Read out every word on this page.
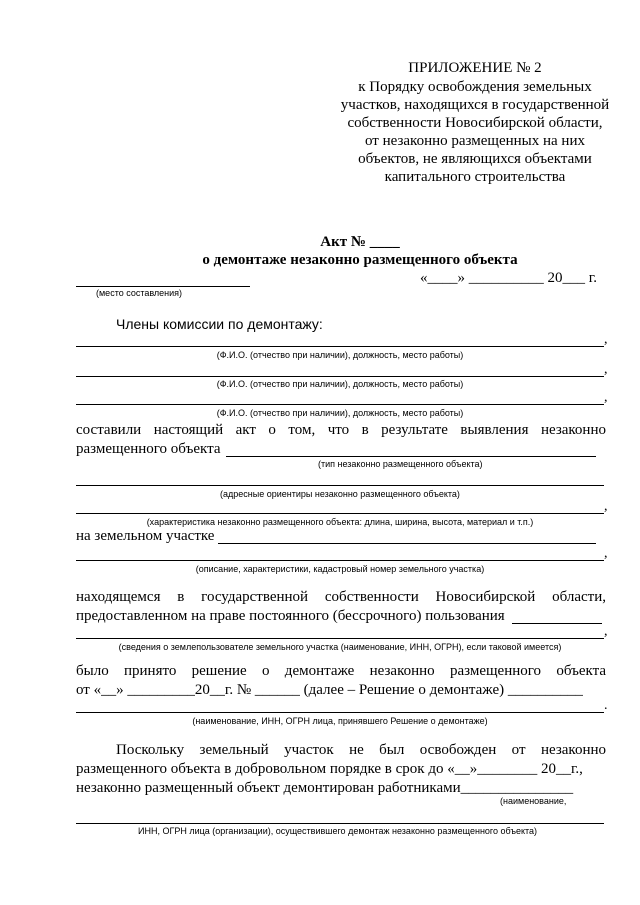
ПРИЛОЖЕНИЕ № 2
к Порядку освобождения земельных
участков, находящихся в государственной
собственности Новосибирской области,
от незаконно размещенных на них
объектов, не являющихся объектами
капитального строительства
Акт № ____
о демонтаже незаконно размещенного объекта
(место составления)
«____» __________ 20___ г.
Члены комиссии по демонтажу:
,
(Ф.И.О. (отчество при наличии), должность, место работы)
,
(Ф.И.О. (отчество при наличии), должность, место работы)
,
(Ф.И.О. (отчество при наличии), должность, место работы)
составили настоящий акт о том, что в результате выявления незаконно
размещенного объекта
(тип незаконно размещенного объекта)
(адресные ориентиры незаконно размещенного объекта)
,
(характеристика незаконно размещенного объекта: длина, ширина, высота, материал и т.п.)
на земельном участке
,
(описание, характеристики, кадастровый номер земельного участка)
находящемся в государственной собственности Новосибирской области,
предоставленном на праве постоянного (бессрочного) пользования
,
(сведения о землепользователе земельного участка (наименование, ИНН, ОГРН), если таковой имеется)
было принято решение о демонтаже незаконно размещенного объекта
от «__» _________20__г. № ______ (далее – Решение о демонтаже) __________
.
(наименование, ИНН, ОГРН лица, принявшего Решение о демонтаже)
Поскольку земельный участок не был освобожден от незаконно
размещенного объекта в добровольном порядке в срок до «__»________ 20__г.,
незаконно размещенный объект демонтирован работниками_______________
(наименование,
ИНН, ОГРН лица (организации), осуществившего демонтаж незаконно размещенного объекта)
